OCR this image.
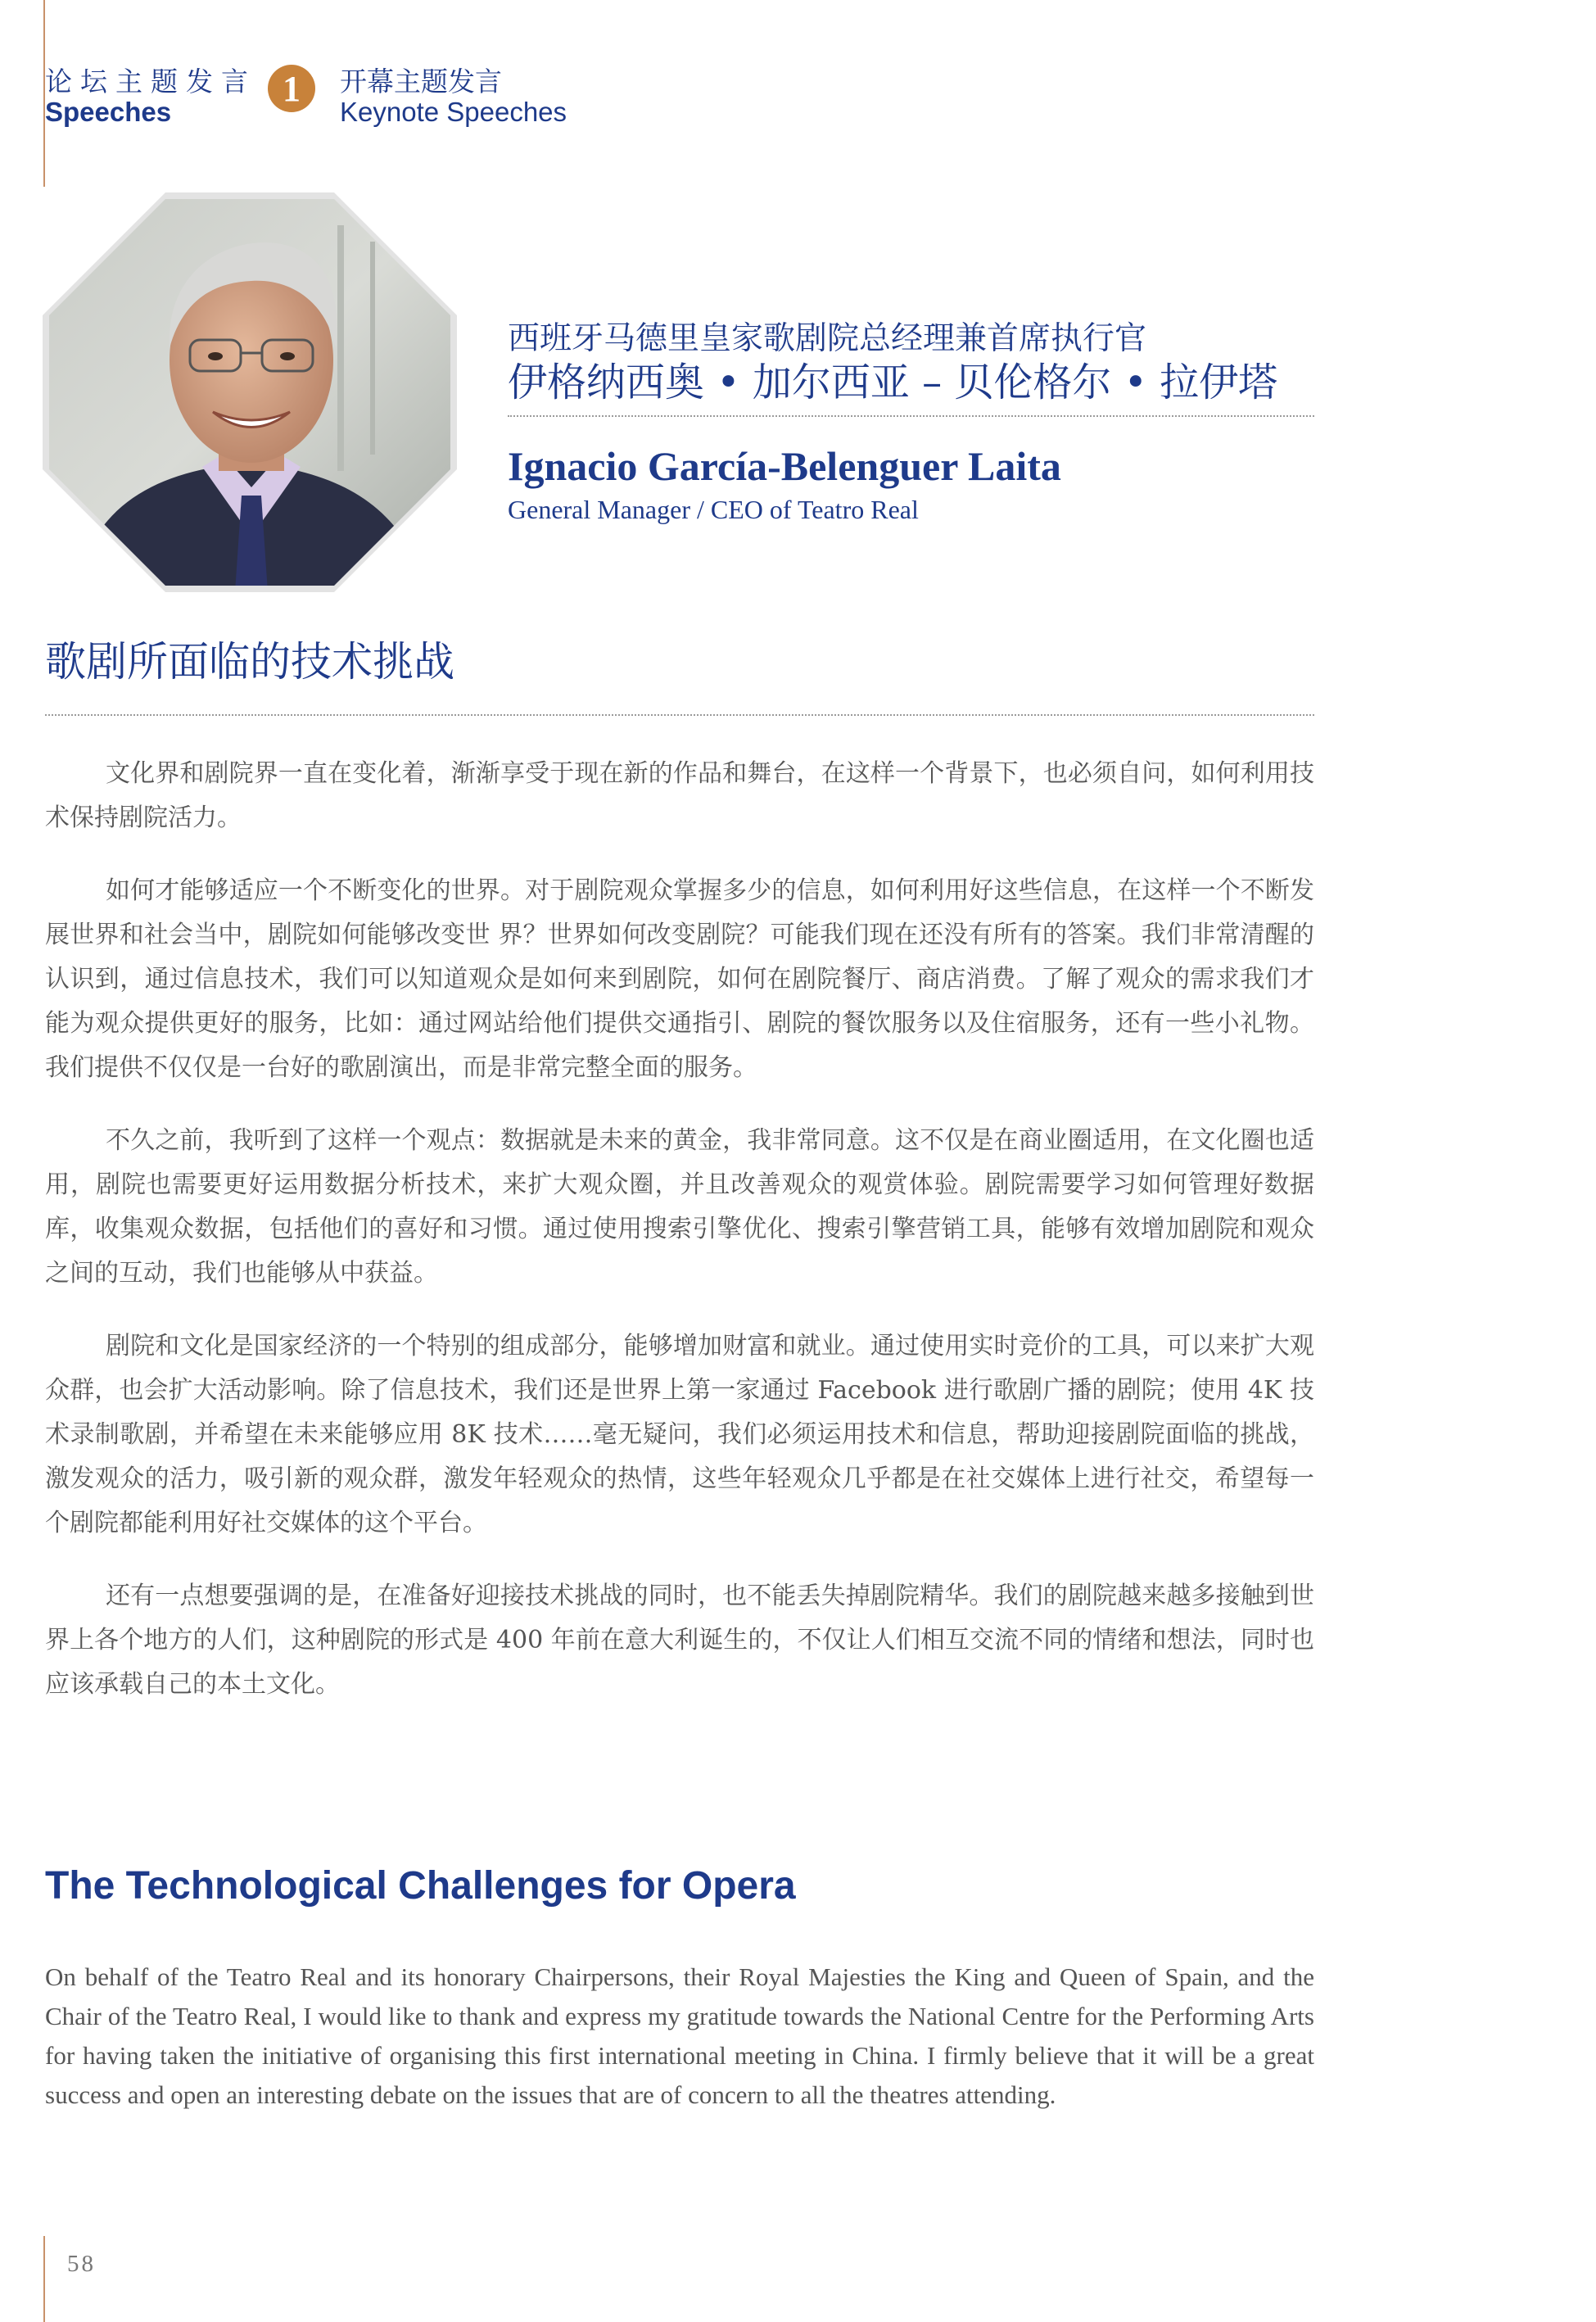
论坛主题发言
Speeches
1 开幕主题发言
Keynote Speeches
西班牙马德里皇家歌剧院总经理兼首席执行官
伊格纳西奥 • 加尔西亚 – 贝伦格尔 • 拉伊塔
Ignacio García-Belenguer Laita
General Manager / CEO of Teatro Real
歌剧所面临的技术挑战

文化界和剧院界一直在变化着，渐渐享受于现在新的作品和舞台，在这样一个背景下，也必须自问，如何利用技术保持剧院活力。

如何才能够适应一个不断变化的世界。对于剧院观众掌握多少的信息，如何利用好这些信息，在这样一个不断发展世界和社会当中，剧院如何能够改变世 界？世界如何改变剧院？可能我们现在还没有所有的答案。我们非常清醒的认识到，通过信息技术，我们可以知道观众是如何来到剧院，如何在剧院餐厅、商店消费。了解了观众的需求我们才能为观众提供更好的服务，比如：通过网站给他们提供交通指引、剧院的餐饮服务以及住宿服务，还有一些小礼物。我们提供不仅仅是一台好的歌剧演出，而是非常完整全面的服务。

不久之前，我听到了这样一个观点：数据就是未来的黄金，我非常同意。这不仅是在商业圈适用，在文化圈也适用，剧院也需要更好运用数据分析技术，来扩大观众圈，并且改善观众的观赏体验。剧院需要学习如何管理好数据库，收集观众数据，包括他们的喜好和习惯。通过使用搜索引擎优化、搜索引擎营销工具，能够有效增加剧院和观众之间的互动，我们也能够从中获益。

剧院和文化是国家经济的一个特别的组成部分，能够增加财富和就业。通过使用实时竞价的工具，可以来扩大观众群，也会扩大活动影响。除了信息技术，我们还是世界上第一家通过 Facebook 进行歌剧广播的剧院；使用 4K 技术录制歌剧，并希望在未来能够应用 8K 技术……毫无疑问，我们必须运用技术和信息，帮助迎接剧院面临的挑战，激发观众的活力，吸引新的观众群，激发年轻观众的热情，这些年轻观众几乎都是在社交媒体上进行社交，希望每一个剧院都能利用好社交媒体的这个平台。

还有一点想要强调的是，在准备好迎接技术挑战的同时，也不能丢失掉剧院精华。我们的剧院越来越多接触到世界上各个地方的人们，这种剧院的形式是 400 年前在意大利诞生的，不仅让人们相互交流不同的情绪和想法，同时也应该承载自己的本土文化。

The Technological Challenges for Opera

On behalf of the Teatro Real and its honorary Chairpersons, their Royal Majesties the King and Queen of Spain, and the Chair of the Teatro Real, I would like to thank and express my gratitude towards the National Centre for the Performing Arts for having taken the initiative of organising this first international meeting in China. I firmly believe that it will be a great success and open an interesting debate on the issues that are of concern to all the theatres attending.

58
